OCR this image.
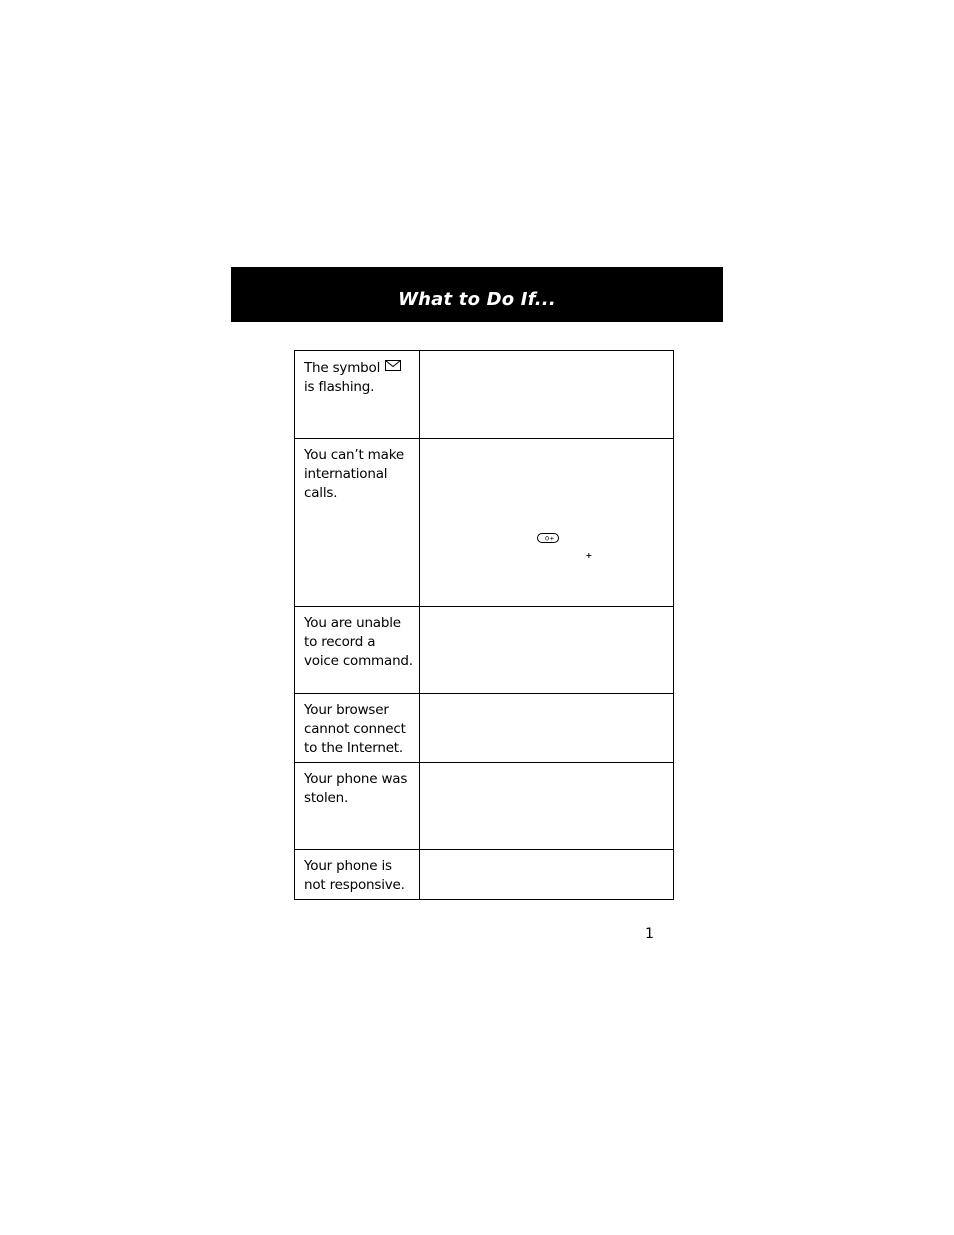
What to Do If...
The symbol
is flashing.	

You can’t make
international
calls.	0+
+

You are unable
to record a
voice command.	

Your browser
cannot connect
to the Internet.	

Your phone was
stolen.	

Your phone is
not responsive.	

1
